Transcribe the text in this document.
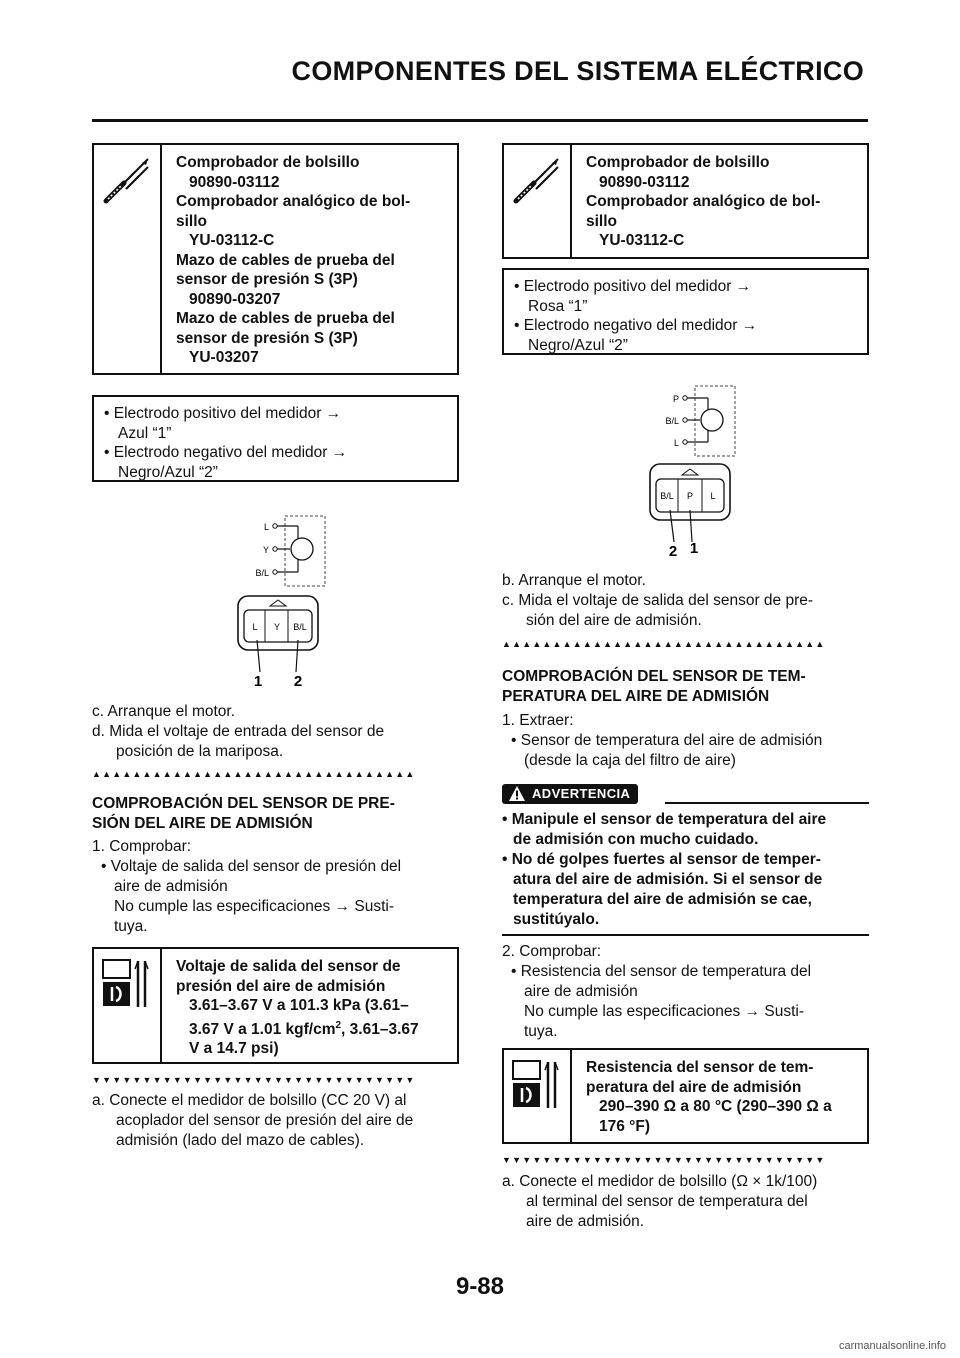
COMPONENTES DEL SISTEMA ELÉCTRICO
Comprobador de bolsillo
90890-03112
Comprobador analógico de bol-
sillo
YU-03112-C
Mazo de cables de prueba del
sensor de presión S (3P)
90890-03207
Mazo de cables de prueba del
sensor de presión S (3P)
YU-03207
• Electrodo positivo del medidor →
Azul “1”
• Electrodo negativo del medidor →
Negro/Azul “2”
L
Y
B/L
L Y B/L
1 2
c. Arranque el motor.
d. Mida el voltaje de entrada del sensor de
posición de la mariposa.
▲▲▲▲▲▲▲▲▲▲▲▲▲▲▲▲▲▲▲▲▲▲▲▲▲▲▲▲▲▲▲▲
COMPROBACIÓN DEL SENSOR DE PRE-
SIÓN DEL AIRE DE ADMISIÓN
1. Comprobar:
• Voltaje de salida del sensor de presión del
aire de admisión
No cumple las especificaciones → Susti-
tuya.
Voltaje de salida del sensor de
presión del aire de admisión
3.61–3.67 V a 101.3 kPa (3.61–
3.67 V a 1.01 kgf/$cm^2$, 3.61–3.67
V a 14.7 psi)
▼▼▼▼▼▼▼▼▼▼▼▼▼▼▼▼▼▼▼▼▼▼▼▼▼▼▼▼▼▼▼▼
a. Conecte el medidor de bolsillo (CC 20 V) al
acoplador del sensor de presión del aire de
admisión (lado del mazo de cables).
Comprobador de bolsillo
90890-03112
Comprobador analógico de bol-
sillo
YU-03112-C
• Electrodo positivo del medidor →
Rosa “1”
• Electrodo negativo del medidor →
Negro/Azul “2”
P
B/L
L
B/L P L
2 1
b. Arranque el motor.
c. Mida el voltaje de salida del sensor de pre-
sión del aire de admisión.
▲▲▲▲▲▲▲▲▲▲▲▲▲▲▲▲▲▲▲▲▲▲▲▲▲▲▲▲▲▲▲▲
COMPROBACIÓN DEL SENSOR DE TEM-
PERATURA DEL AIRE DE ADMISIÓN
1. Extraer:
• Sensor de temperatura del aire de admisión
(desde la caja del filtro de aire)
ADVERTENCIA
• Manipule el sensor de temperatura del aire
de admisión con mucho cuidado.
• No dé golpes fuertes al sensor de temper-
atura del aire de admisión. Si el sensor de
temperatura del aire de admisión se cae,
sustitúyalo.
2. Comprobar:
• Resistencia del sensor de temperatura del
aire de admisión
No cumple las especificaciones → Susti-
tuya.
Resistencia del sensor de tem-
peratura del aire de admisión
290–390 Ω a 80 °C (290–390 Ω a
176 °F)
▼▼▼▼▼▼▼▼▼▼▼▼▼▼▼▼▼▼▼▼▼▼▼▼▼▼▼▼▼▼▼▼
a. Conecte el medidor de bolsillo (Ω × 1k/100)
al terminal del sensor de temperatura del
aire de admisión.
9-88
carmanualsonline.info
